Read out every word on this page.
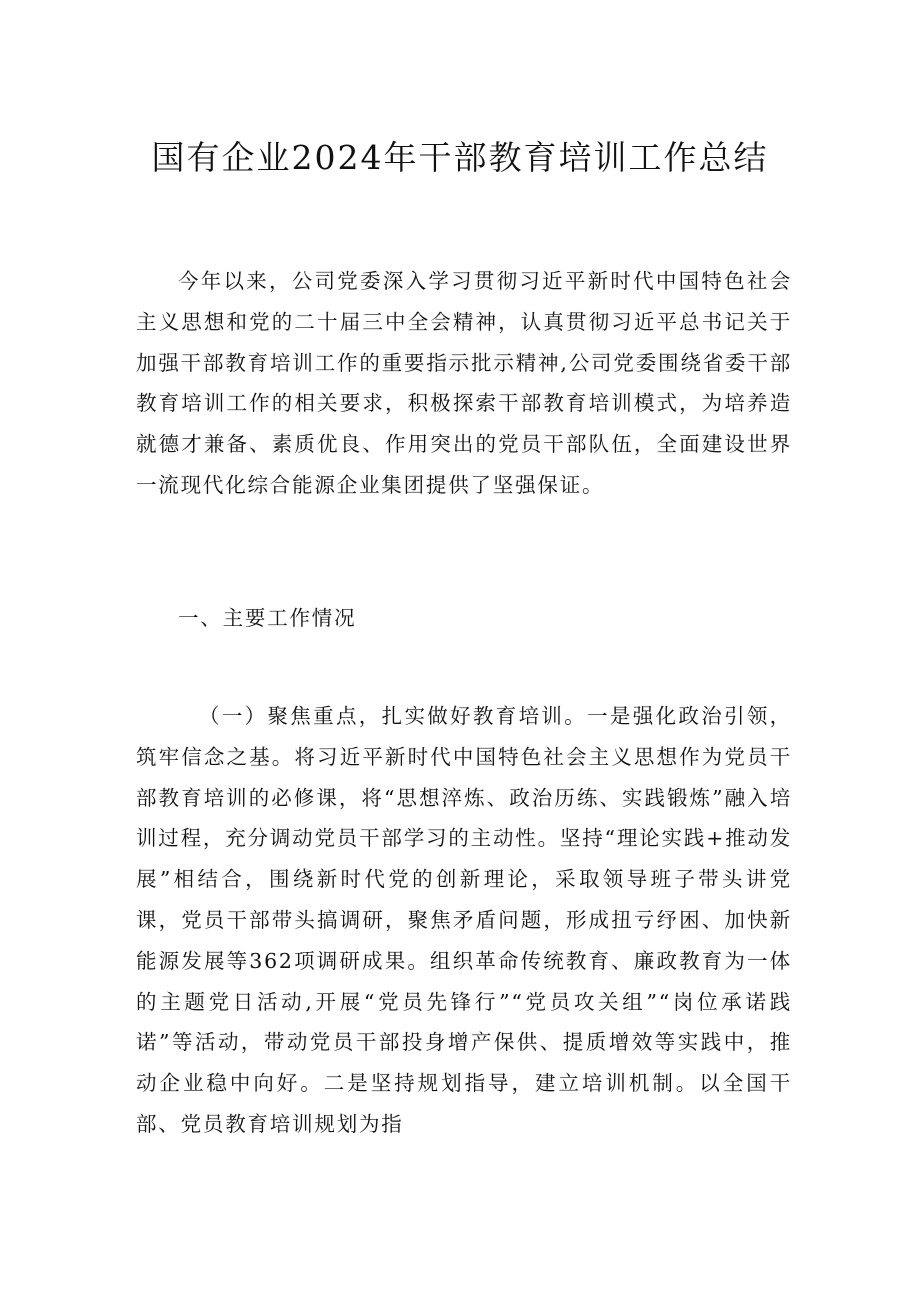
国有企业2024年干部教育培训工作总结

今年以来，公司党委深入学习贯彻习近平新时代中国特色社会主义思想和党的二十届三中全会精神，认真贯彻习近平总书记关于加强干部教育培训工作的重要指示批示精神,公司党委围绕省委干部教育培训工作的相关要求，积极探索干部教育培训模式，为培养造就德才兼备、素质优良、作用突出的党员干部队伍，全面建设世界一流现代化综合能源企业集团提供了坚强保证。

一、主要工作情况

（一）聚焦重点，扎实做好教育培训。一是强化政治引领，筑牢信念之基。将习近平新时代中国特色社会主义思想作为党员干部教育培训的必修课，将“思想淬炼、政治历练、实践锻炼”融入培训过程，充分调动党员干部学习的主动性。坚持“理论实践+推动发展”相结合，围绕新时代党的创新理论，采取领导班子带头讲党课，党员干部带头搞调研，聚焦矛盾问题，形成扭亏纾困、加快新能源发展等362项调研成果。组织革命传统教育、廉政教育为一体的主题党日活动,开展“党员先锋行”“党员攻关组”“岗位承诺践诺”等活动，带动党员干部投身增产保供、提质增效等实践中，推动企业稳中向好。二是坚持规划指导，建立培训机制。以全国干部、党员教育培训规划为指
